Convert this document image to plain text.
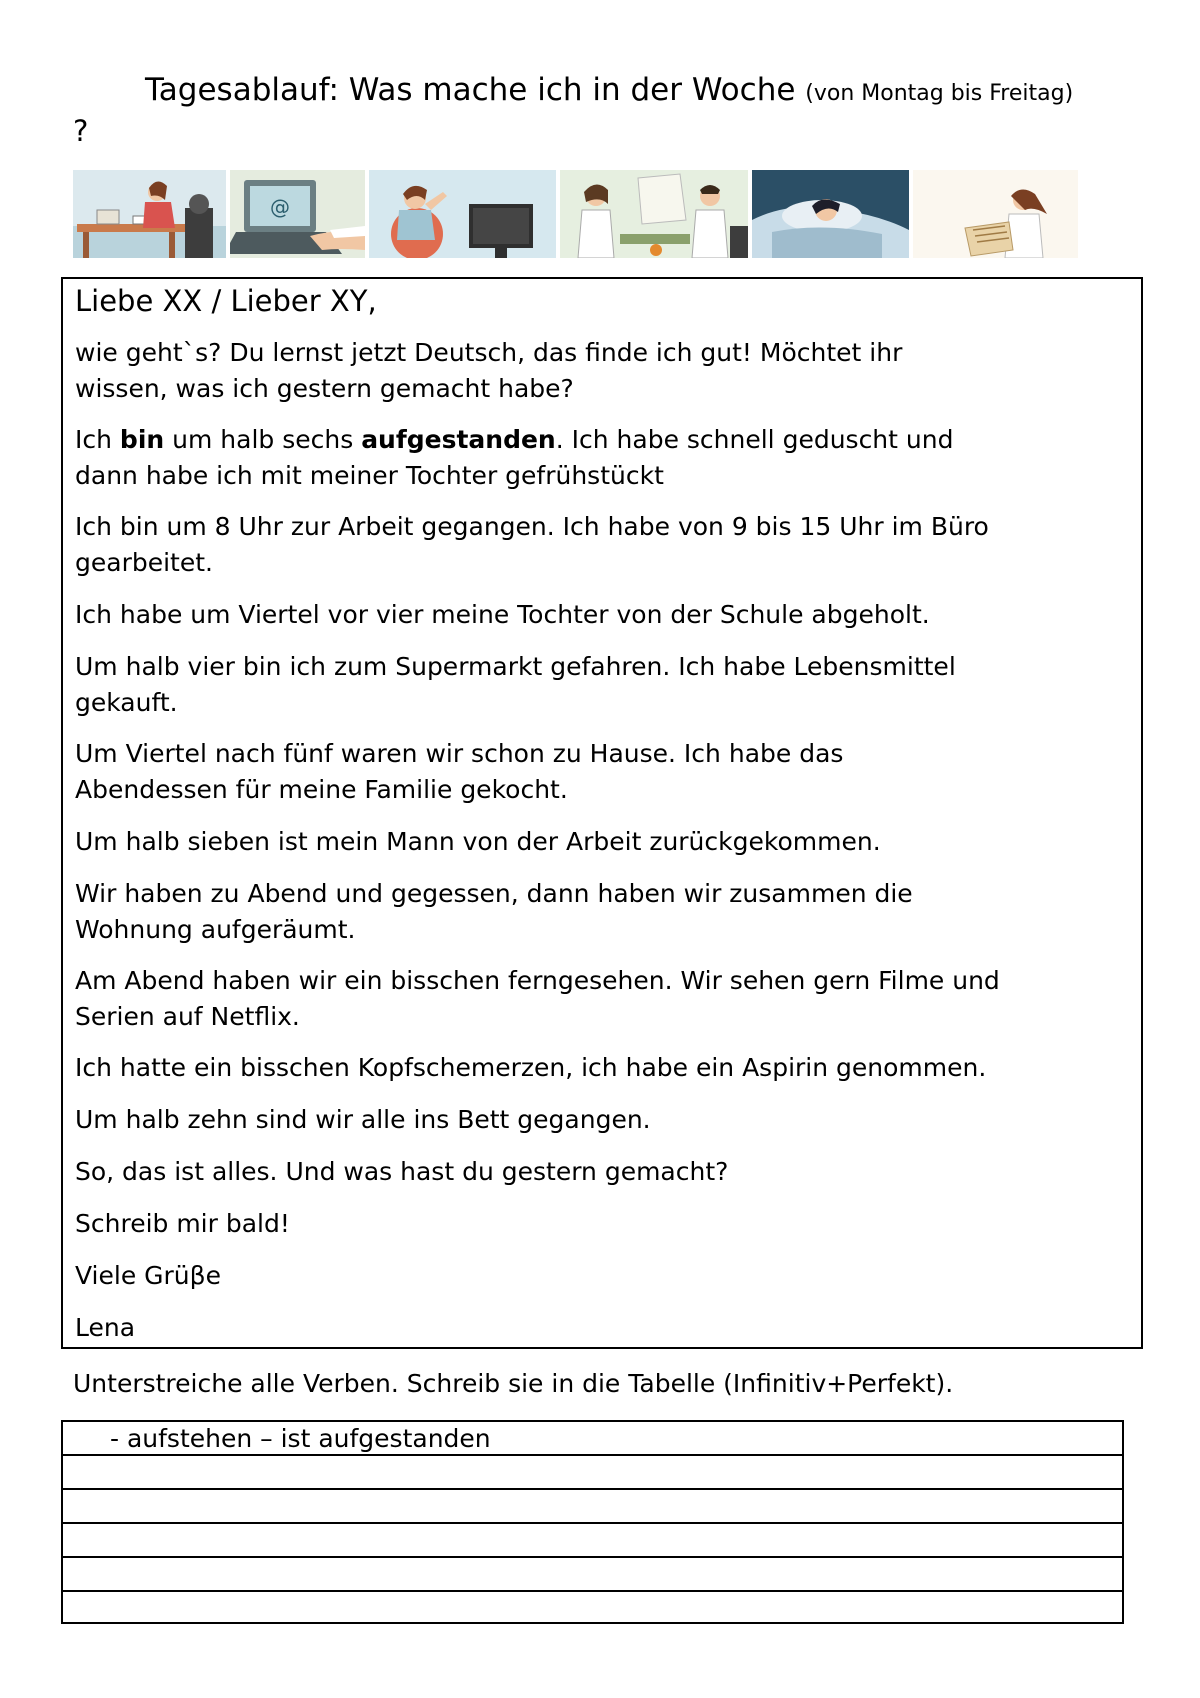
Tagesablauf: Was mache ich in der Woche (von Montag bis Freitag)
?
@
Liebe XX / Lieber XY,
wie geht`s? Du lernst jetzt Deutsch, das finde ich gut! Möchtet ihr
wissen, was ich gestern gemacht habe?
Ich bin um halb sechs aufgestanden. Ich habe schnell geduscht und
dann habe ich mit meiner Tochter gefrühstückt
Ich bin um 8 Uhr zur Arbeit gegangen. Ich habe von 9 bis 15 Uhr im Büro
gearbeitet.
Ich habe um Viertel vor vier meine Tochter von der Schule abgeholt.
Um halb vier bin ich zum Supermarkt gefahren. Ich habe Lebensmittel
gekauft.
Um Viertel nach fünf waren wir schon zu Hause. Ich habe das
Abendessen für meine Familie gekocht.
Um halb sieben ist mein Mann von der Arbeit zurückgekommen.
Wir haben zu Abend und gegessen, dann haben wir zusammen die
Wohnung aufgeräumt.
Am Abend haben wir ein bisschen ferngesehen. Wir sehen gern Filme und
Serien auf Netflix.
Ich hatte ein bisschen Kopfschemerzen, ich habe ein Aspirin genommen.
Um halb zehn sind wir alle ins Bett gegangen.
So, das ist alles. Und was hast du gestern gemacht?
Schreib mir bald!
Viele Grüβe
Lena
Unterstreiche alle Verben. Schreib sie in die Tabelle (Infinitiv+Perfekt).
- aufstehen – ist aufgestanden
